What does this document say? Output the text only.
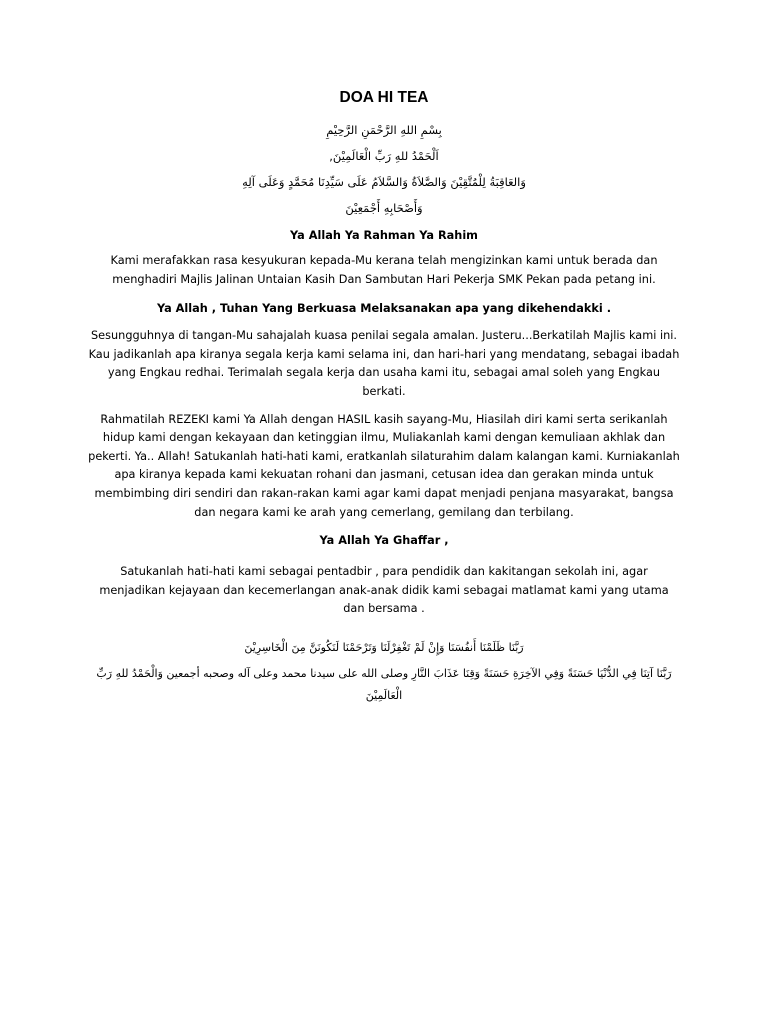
DOA HI TEA

بِسْمِ اللهِ الرَّحْمَنِ الرَّحِيْمِ

اَلْحَمْدُ للهِ رَبِّ الْعَالَمِيْنَ,

وَالعَاقِبَةُ لِلْمُتَّقِيْنَ وَالصَّلاَةُ وَالسَّلاَمُ عَلَى سَيِّدِنَا مُحَمَّدٍ وَعَلَى آلِهِ

وَأَصْحَابِهِ أَجْمَعِيْنَ

Ya Allah Ya Rahman Ya Rahim

Kami merafakkan rasa kesyukuran kepada-Mu kerana telah mengizinkan kami untuk berada dan menghadiri Majlis Jalinan Untaian Kasih Dan Sambutan Hari Pekerja SMK Pekan pada petang ini.

Ya Allah , Tuhan Yang Berkuasa Melaksanakan apa yang dikehendakki .

Sesungguhnya di tangan-Mu sahajalah kuasa penilai segala amalan. Justeru...Berkatilah Majlis kami ini. Kau jadikanlah apa kiranya segala kerja kami selama ini, dan hari-hari yang mendatang, sebagai ibadah yang Engkau redhai. Terimalah segala kerja dan usaha kami itu, sebagai amal soleh yang Engkau berkati.

Rahmatilah REZEKI kami Ya Allah dengan HASIL kasih sayang-Mu, Hiasilah diri kami serta serikanlah hidup kami dengan kekayaan dan ketinggian ilmu, Muliakanlah kami dengan kemuliaan akhlak dan pekerti. Ya.. Allah! Satukanlah hati-hati kami, eratkanlah silaturahim dalam kalangan kami. Kurniakanlah apa kiranya kepada kami kekuatan rohani dan jasmani, cetusan idea dan gerakan minda untuk membimbing diri sendiri dan rakan-rakan kami agar kami dapat menjadi penjana masyarakat, bangsa dan negara kami ke arah yang cemerlang, gemilang dan terbilang.

Ya Allah Ya Ghaffar ,

Satukanlah hati-hati kami sebagai pentadbir , para pendidik dan kakitangan sekolah ini, agar menjadikan kejayaan dan kecemerlangan anak-anak didik kami sebagai matlamat kami yang utama dan bersama .

رَبَّنَا ظَلَمْنَا أَنفُسَنَا وَإِنْ لَمْ تَغْفِرْلَنَا وَتَرْحَمْنَا لَنَكُونَنَّ مِنَ الْخَاسِرِيْنَ

رَبَّنَا آتِنَا فِي الدُّنْيَا حَسَنَةً وَفِي الآخِرَةِ حَسَنَةً وَقِنَا عَذَابَ النَّارِ وصلى الله على سيدنا محمد وعلى آله وصحبه أجمعين وَالْحَمْدُ للهِ رَبِّ الْعَالَمِيْنَ
